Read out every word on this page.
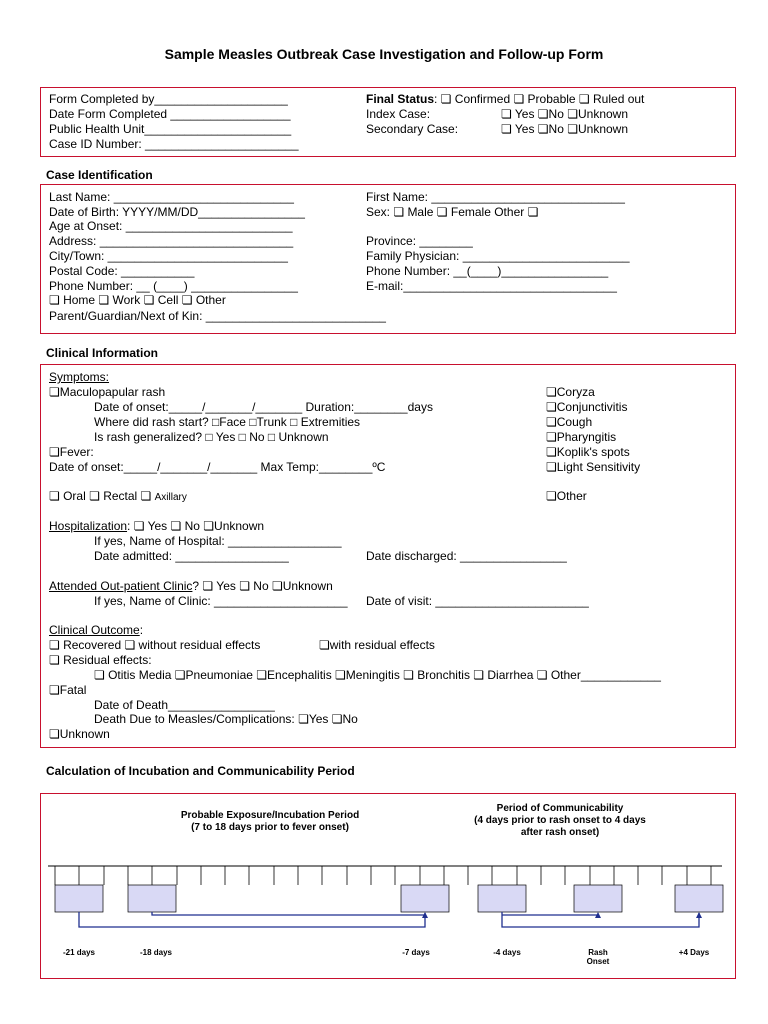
Sample Measles Outbreak Case Investigation and Follow-up Form
Form Completed by____________________
Date Form Completed __________________
Public Health Unit______________________
Case ID Number: _______________________
Final Status: ❏ Confirmed ❏ Probable ❏ Ruled out
Index Case:	❏ Yes ❏No ❏Unknown
Secondary Case:	❏ Yes ❏No ❏Unknown
Case Identification
Last Name: ___________________________
Date of Birth: YYYY/MM/DD________________
Age at Onset: _________________________
Address: _____________________________
City/Town: ___________________________
Postal Code: ___________
Phone Number: __ (____) ________________
❏ Home ❏ Work ❏ Cell ❏ Other
Parent/Guardian/Next of Kin: ___________________________
First Name: _____________________________
Sex: ❏ Male ❏ Female Other ❏
Province: ________
Family Physician: _________________________
Phone Number: __(____)________________
E-mail:________________________________
Clinical Information
Symptoms:
❏Maculopapular rash
Date of onset:_____/_______/_______ Duration:________days
Where did rash start? □Face □Trunk □ Extremities
Is rash generalized? □ Yes □ No □ Unknown
❏Fever:
Date of onset:_____/_______/_______ Max Temp:________ºC
❏ Oral ❏ Rectal ❏ Axillary
❏Coryza
❏Conjunctivitis
❏Cough
❏Pharyngitis
❏Koplik's spots
❏Light Sensitivity
❏Other
Hospitalization: ❏ Yes ❏ No ❏Unknown
If yes, Name of Hospital: _________________
Date admitted: _________________	Date discharged: ________________
Attended Out-patient Clinic? ❏ Yes ❏ No ❏Unknown
If yes, Name of Clinic: ____________________ Date of visit: _______________________
Clinical Outcome:
❏ Recovered ❏ without residual effects	❏with residual effects
❏ Residual effects:
❏ Otitis Media ❏Pneumoniae ❏Encephalitis ❏Meningitis ❏ Bronchitis ❏ Diarrhea ❏ Other____________
❏Fatal
Date of Death________________
Death Due to Measles/Complications: ❏Yes ❏No
❏Unknown
Calculation of Incubation and Communicability Period
Probable Exposure/Incubation Period
(7 to 18 days prior to fever onset)
Period of Communicability
(4 days prior to rash onset to 4 days
after rash onset)
-21 days	-18 days	-7 days	-4 days	Rash
Onset
+4 Days
